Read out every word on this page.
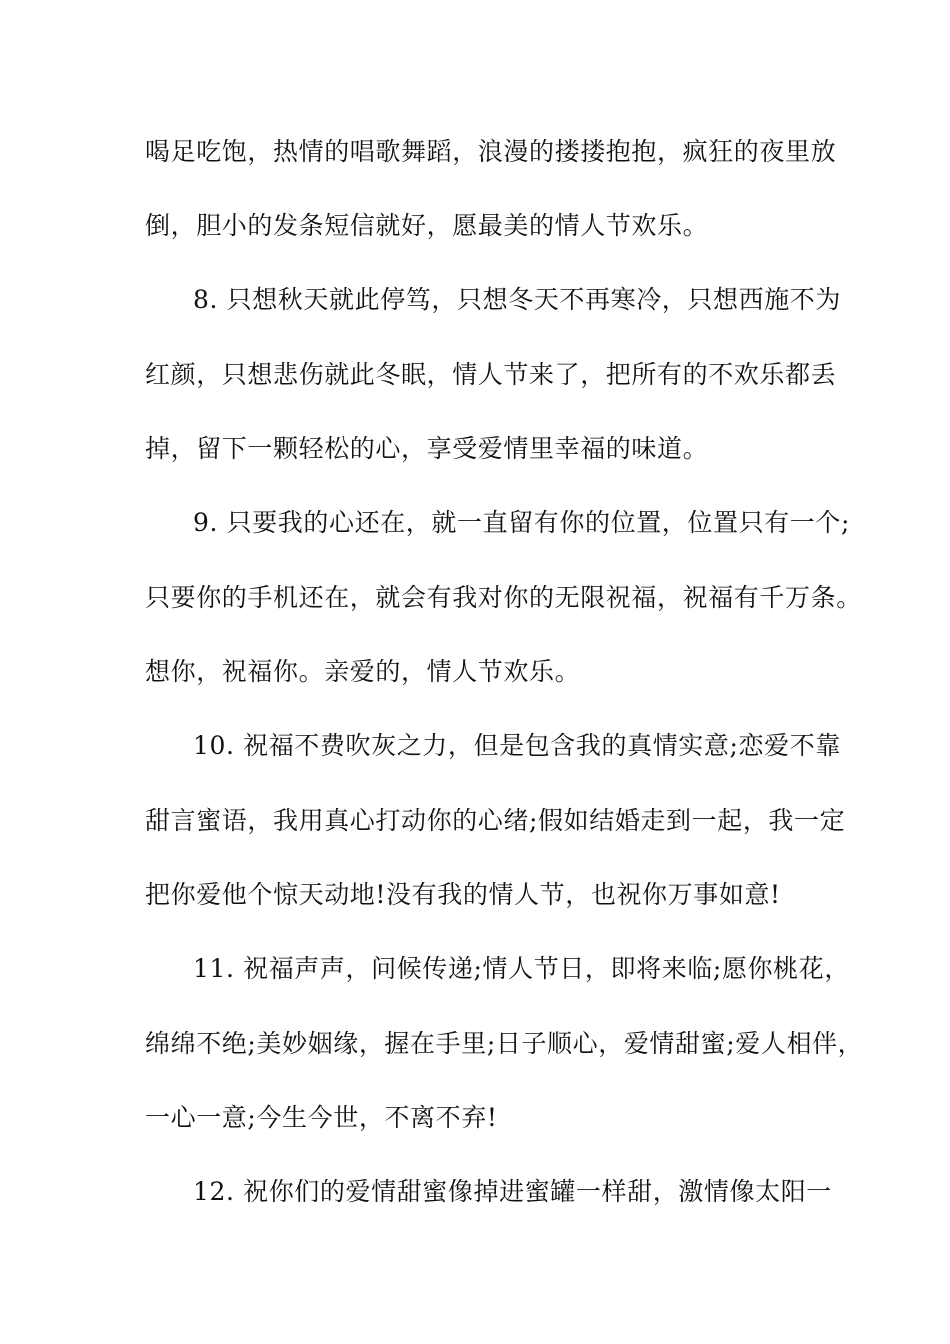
喝足吃饱，热情的唱歌舞蹈，浪漫的搂搂抱抱，疯狂的夜里放
倒，胆小的发条短信就好，愿最美的情人节欢乐。
8. 只想秋天就此停笃，只想冬天不再寒冷，只想西施不为
红颜，只想悲伤就此冬眠，情人节来了，把所有的不欢乐都丢
掉，留下一颗轻松的心，享受爱情里幸福的味道。
9. 只要我的心还在，就一直留有你的位置，位置只有一个;
只要你的手机还在，就会有我对你的无限祝福，祝福有千万条。
想你，祝福你。亲爱的，情人节欢乐。
10. 祝福不费吹灰之力，但是包含我的真情实意;恋爱不靠
甜言蜜语，我用真心打动你的心绪;假如结婚走到一起，我一定
把你爱他个惊天动地!没有我的情人节，也祝你万事如意!
11. 祝福声声，问候传递;情人节日，即将来临;愿你桃花，
绵绵不绝;美妙姻缘，握在手里;日子顺心，爱情甜蜜;爱人相伴，
一心一意;今生今世，不离不弃!
12. 祝你们的爱情甜蜜像掉进蜜罐一样甜，激情像太阳一
